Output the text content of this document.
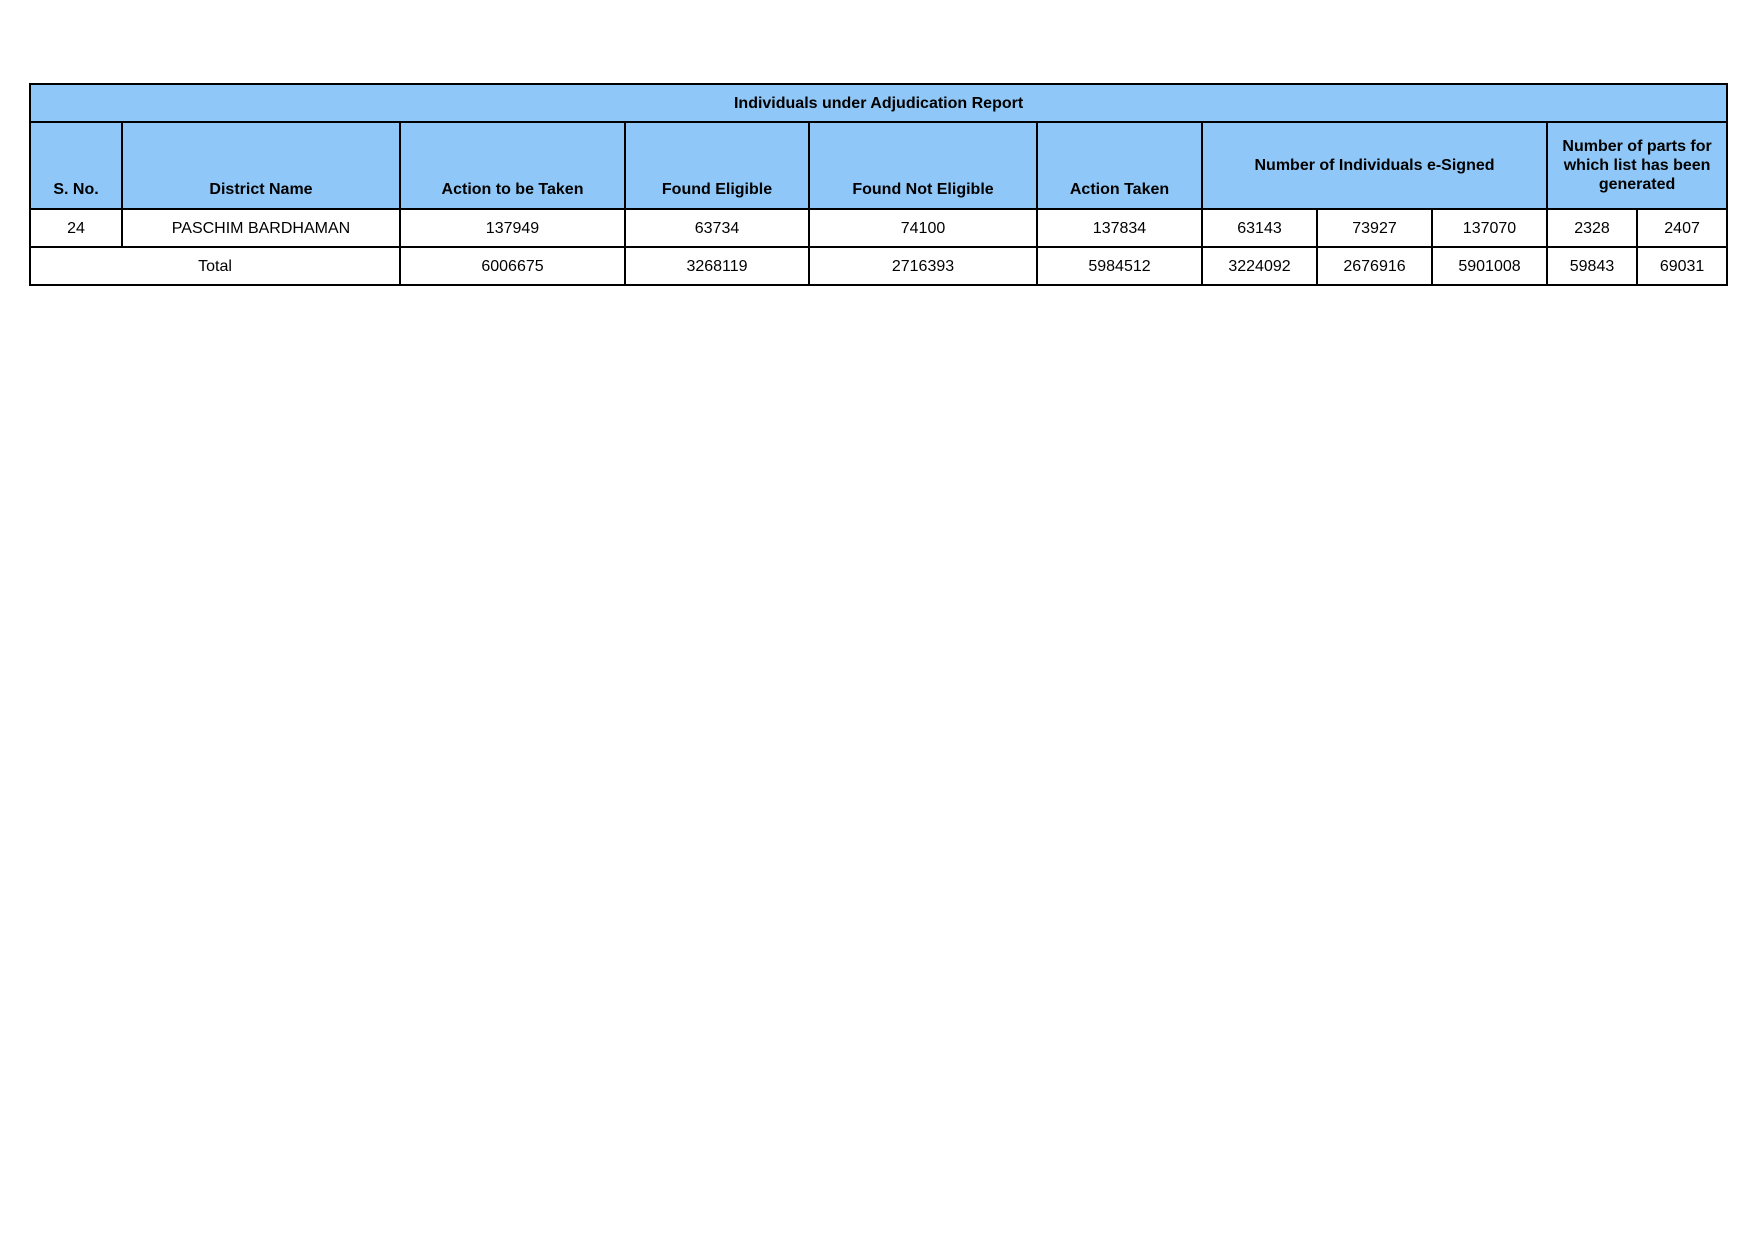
Individuals under Adjudication Report										
S. No.	District Name	Action to be Taken	Found Eligible	Found Not Eligible	Action Taken	Number of Individuals e-Signed			Number of parts for which list has been generated	
24	PASCHIM BARDHAMAN	137949	63734	74100	137834	63143	73927	137070	2328	2407
Total		6006675	3268119	2716393	5984512	3224092	2676916	5901008	59843	69031
